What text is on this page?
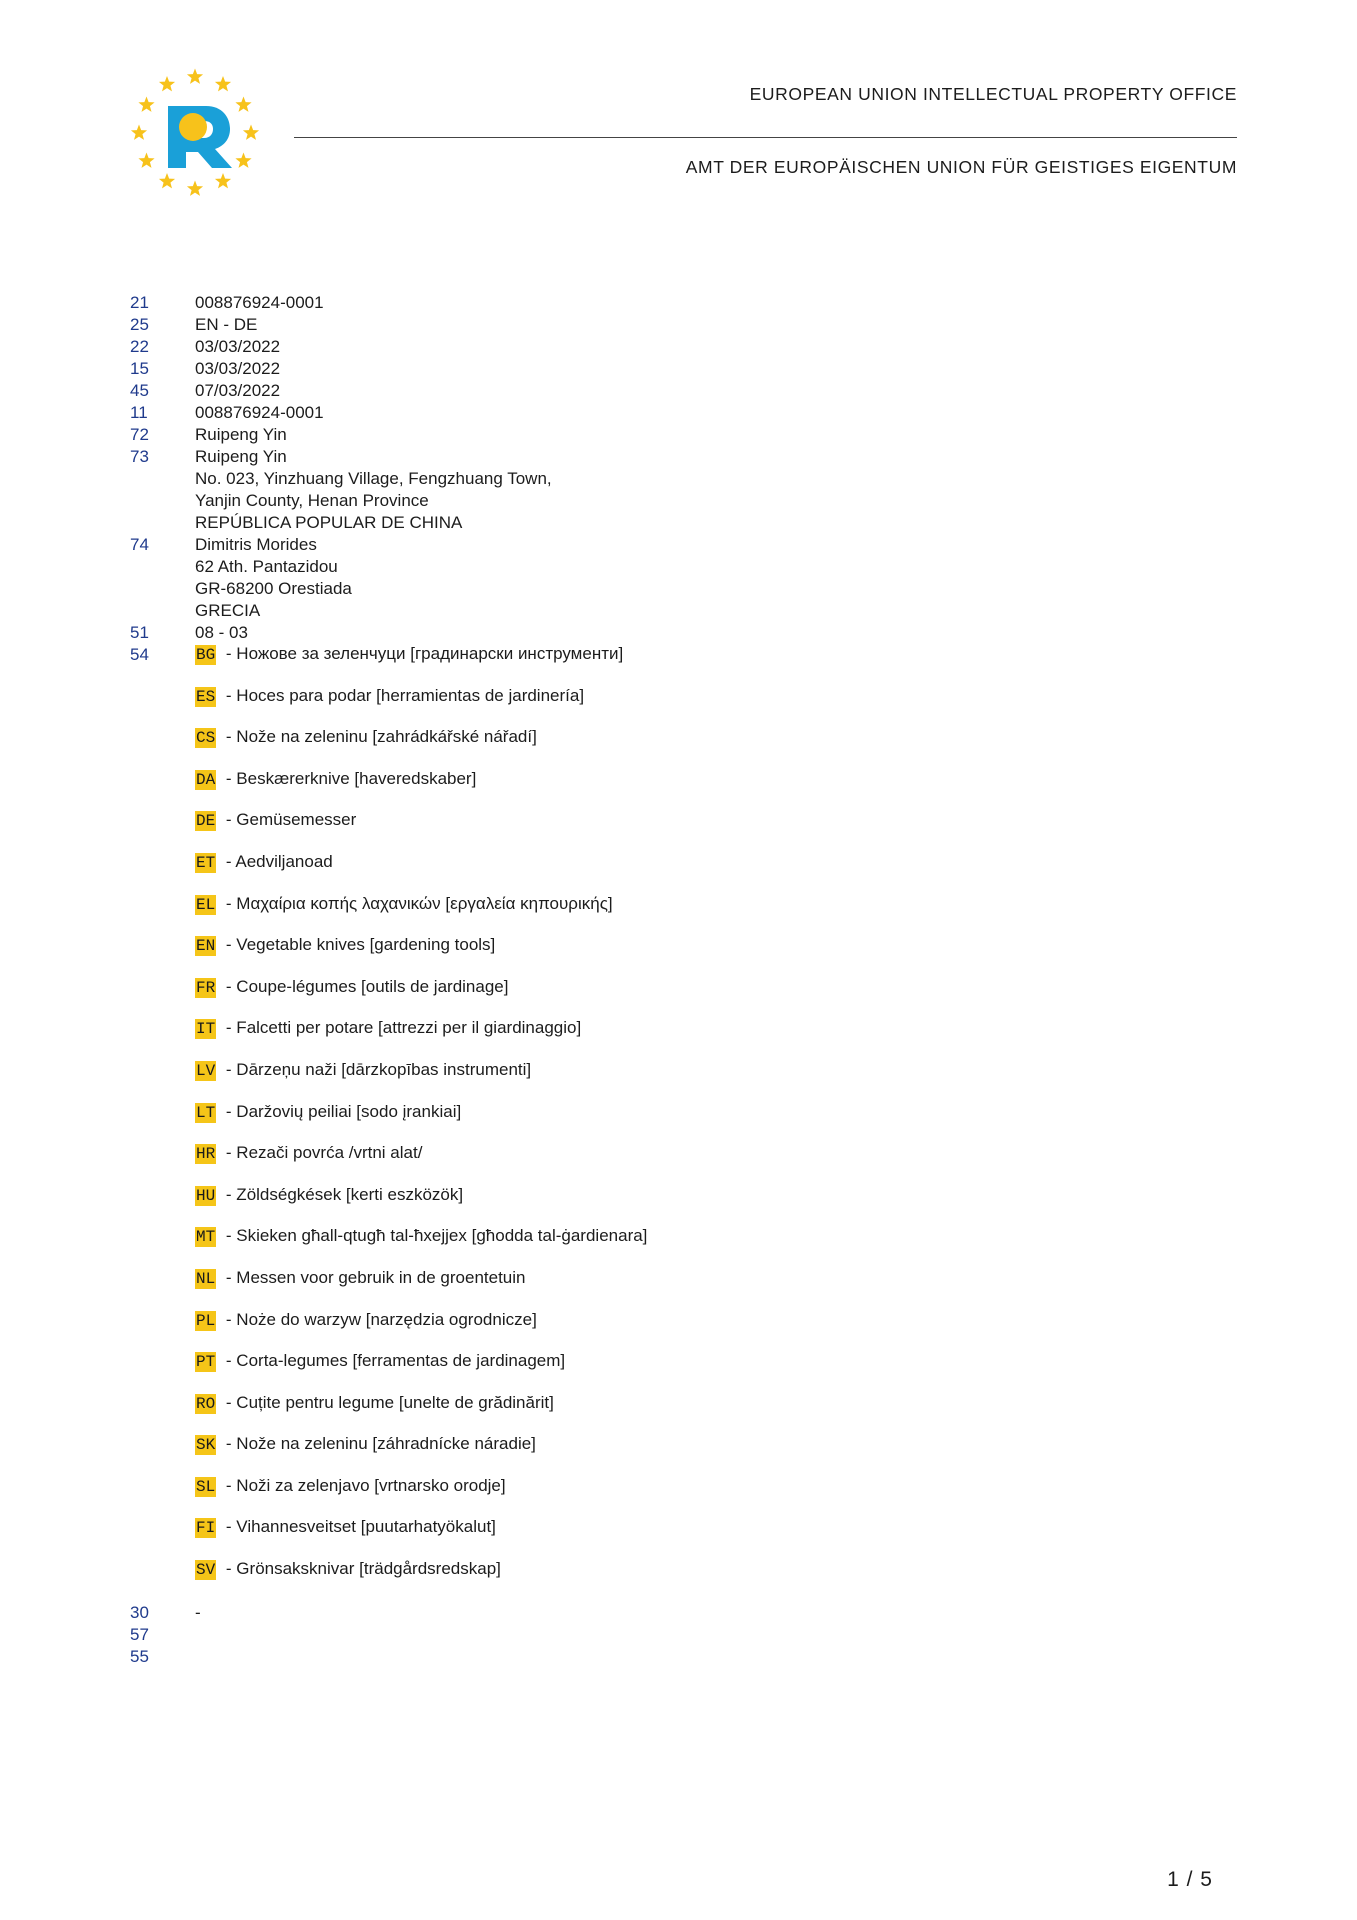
EUROPEAN UNION INTELLECTUAL PROPERTY OFFICE
AMT DER EUROPÄISCHEN UNION FÜR GEISTIGES EIGENTUM
21	008876924-0001
25	EN - DE
22	03/03/2022
15	03/03/2022
45	07/03/2022
11	008876924-0001
72	Ruipeng Yin
73	Ruipeng Yin
No. 023, Yinzhuang Village, Fengzhuang Town,
Yanjin County, Henan Province
REPÚBLICA POPULAR DE CHINA
74	Dimitris Morides
62 Ath. Pantazidou
GR-68200 Orestiada
GRECIA
51	08 - 03
54
	BG - Ножове за зеленчуци [градинарски инструменти]
ES - Hoces para podar [herramientas de jardinería]
CS - Nože na zeleninu [zahrádkářské nářadí]
DA - Beskærerknive [haveredskaber]
DE - Gemüsemesser
ET - Aedviljanoad
EL - Μαχαίρια κοπής λαχανικών [εργαλεία κηπουρικής]
EN - Vegetable knives [gardening tools]
FR - Coupe-légumes [outils de jardinage]
IT - Falcetti per potare [attrezzi per il giardinaggio]
LV - Dārzeņu naži [dārzkopības instrumenti]
LT - Daržovių peiliai [sodo įrankiai]
HR - Rezači povrća /vrtni alat/
HU - Zöldségkések [kerti eszközök]
MT - Skieken għall-qtugħ tal-ħxejjex [għodda tal-ġardienara]
NL - Messen voor gebruik in de groentetuin
PL - Noże do warzyw [narzędzia ogrodnicze]
PT - Corta-legumes [ferramentas de jardinagem]
RO - Cuțite pentru legume [unelte de grădinărit]
SK - Nože na zeleninu [záhradnícke náradie]
SL - Noži za zelenjavo [vrtnarsko orodje]
FI - Vihannesveitset [puutarhatyökalut]
SV - Grönsaksknivar [trädgårdsredskap]
30	-
57
55
1 / 5
